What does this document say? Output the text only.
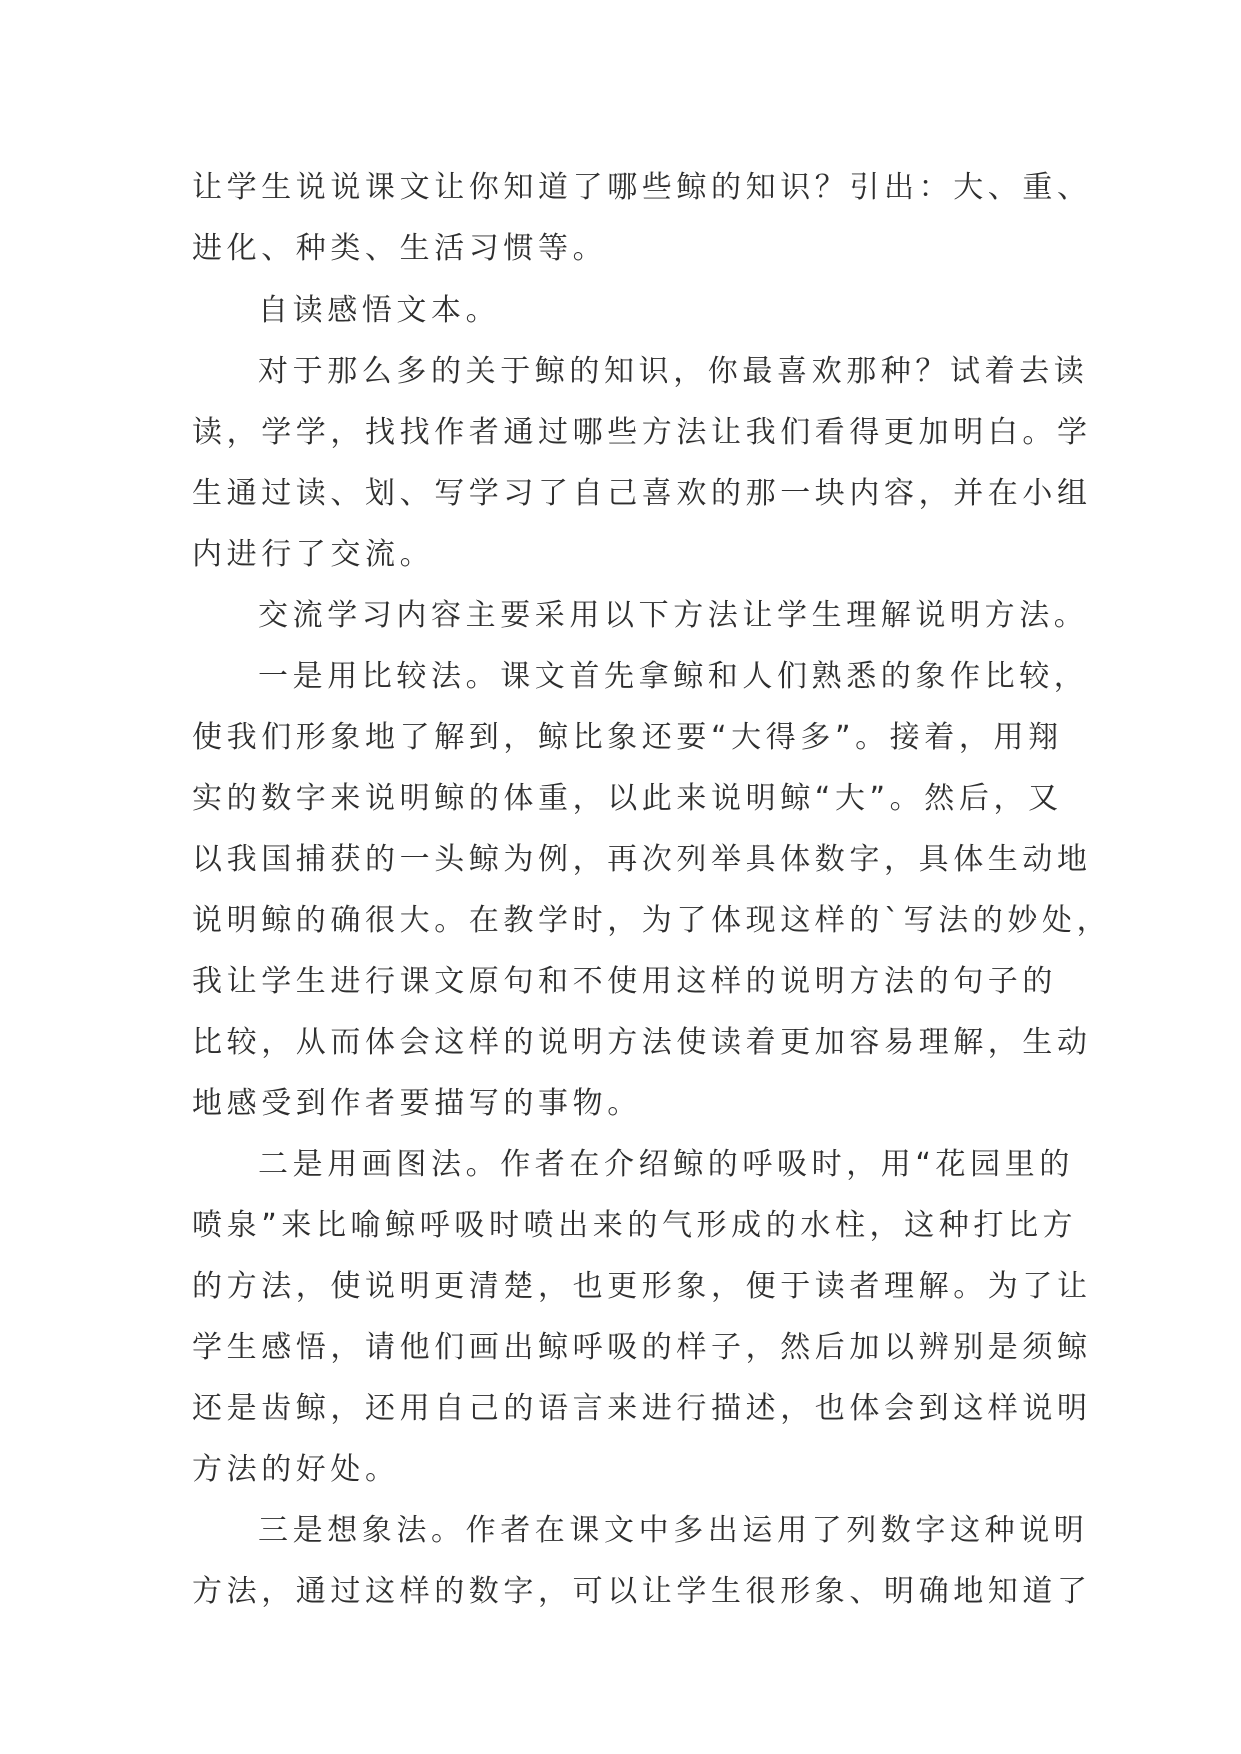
让学生说说课文让你知道了哪些鲸的知识？引出：大、重、
进化、种类、生活习惯等。
自读感悟文本。
对于那么多的关于鲸的知识，你最喜欢那种？试着去读
读，学学，找找作者通过哪些方法让我们看得更加明白。学
生通过读、划、写学习了自己喜欢的那一块内容，并在小组
内进行了交流。
交流学习内容主要采用以下方法让学生理解说明方法。
一是用比较法。课文首先拿鲸和人们熟悉的象作比较，
使我们形象地了解到，鲸比象还要“大得多”。接着，用翔
实的数字来说明鲸的体重，以此来说明鲸“大”。然后，又
以我国捕获的一头鲸为例，再次列举具体数字，具体生动地
说明鲸的确很大。在教学时，为了体现这样的`写法的妙处，
我让学生进行课文原句和不使用这样的说明方法的句子的
比较，从而体会这样的说明方法使读着更加容易理解，生动
地感受到作者要描写的事物。
二是用画图法。作者在介绍鲸的呼吸时，用“花园里的
喷泉”来比喻鲸呼吸时喷出来的气形成的水柱，这种打比方
的方法，使说明更清楚，也更形象，便于读者理解。为了让
学生感悟，请他们画出鲸呼吸的样子，然后加以辨别是须鲸
还是齿鲸，还用自己的语言来进行描述，也体会到这样说明
方法的好处。
三是想象法。作者在课文中多出运用了列数字这种说明
方法，通过这样的数字，可以让学生很形象、明确地知道了
